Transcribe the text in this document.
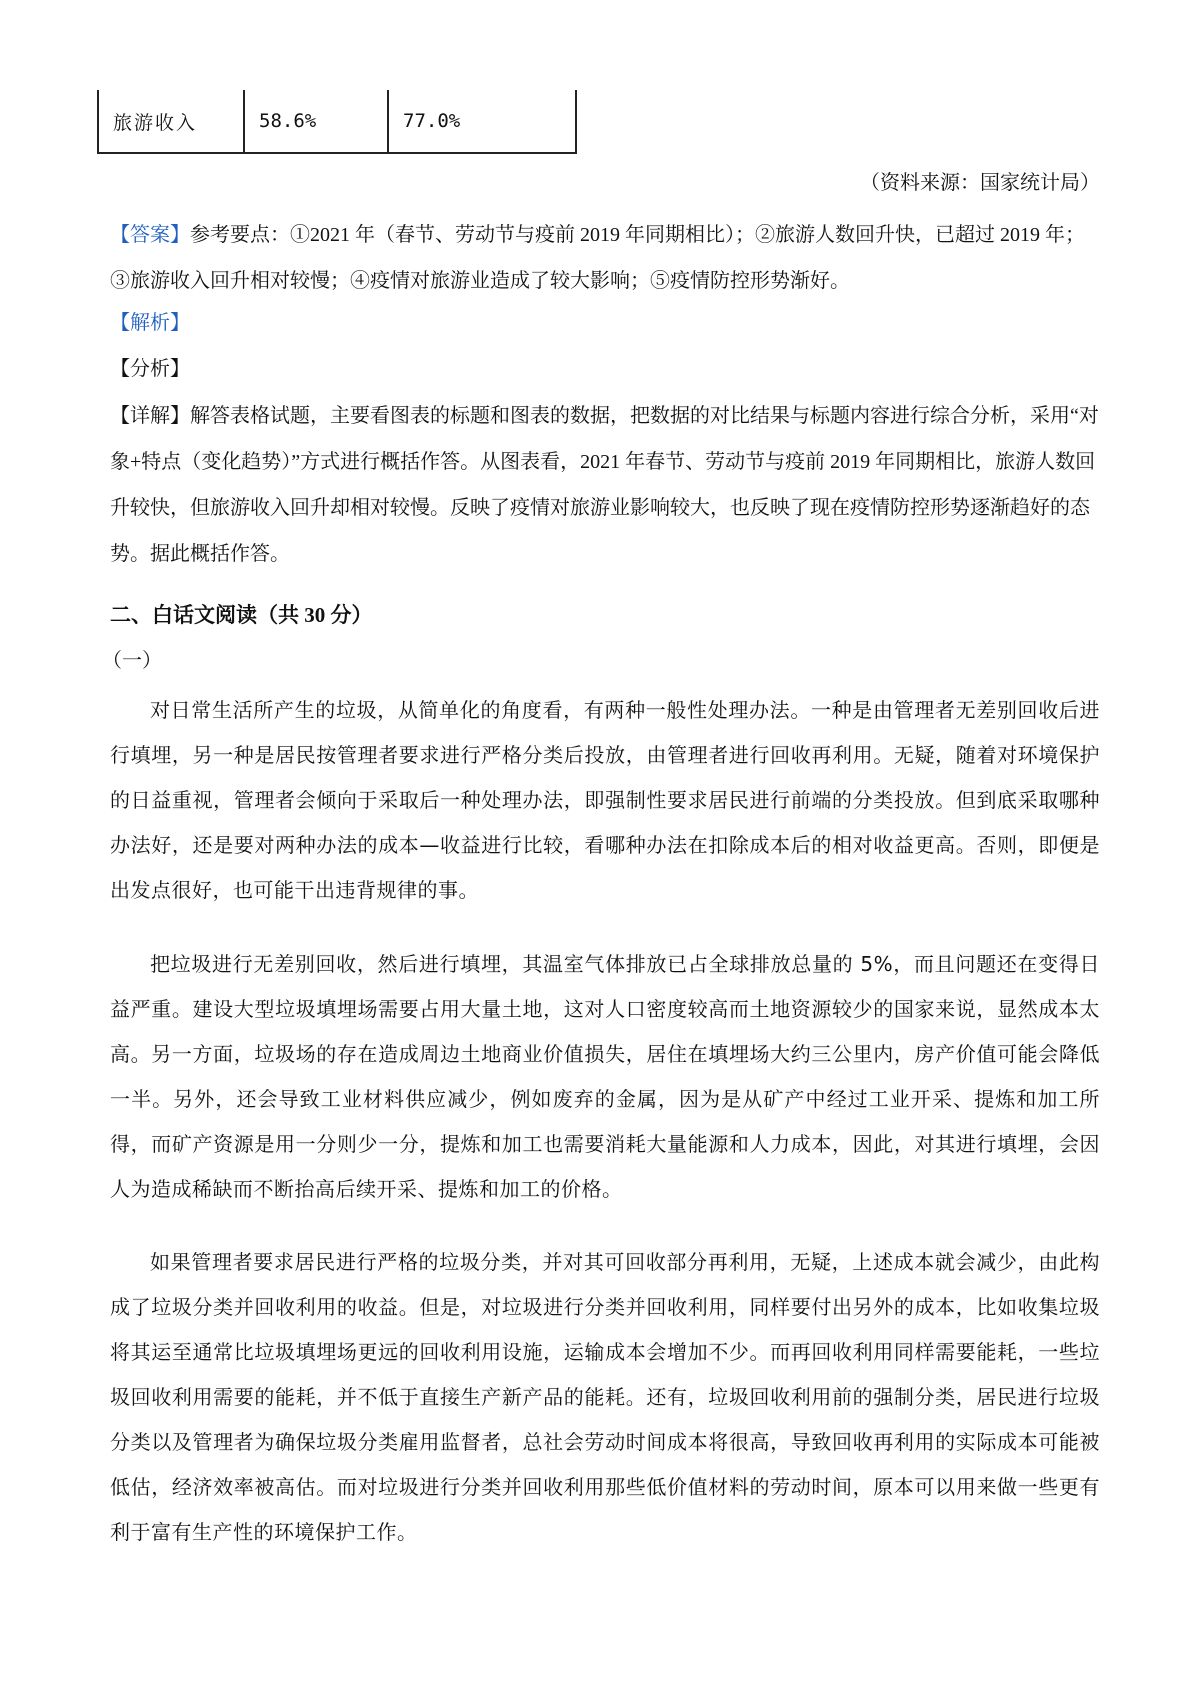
旅游收入	58.6%	77.0%
（资料来源：国家统计局）
【答案】参考要点：①2021 年（春节、劳动节与疫前 2019 年同期相比）；②旅游人数回升快，已超过 2019 年；③旅游收入回升相对较慢；④疫情对旅游业造成了较大影响；⑤疫情防控形势渐好。
【解析】
【分析】
【详解】解答表格试题，主要看图表的标题和图表的数据，把数据的对比结果与标题内容进行综合分析，采用“对象+特点（变化趋势）”方式进行概括作答。从图表看，2021 年春节、劳动节与疫前 2019 年同期相比，旅游人数回升较快，但旅游收入回升却相对较慢。反映了疫情对旅游业影响较大，也反映了现在疫情防控形势逐渐趋好的态势。据此概括作答。
二、白话文阅读（共 30 分）
（一）
对日常生活所产生的垃圾，从简单化的角度看，有两种一般性处理办法。一种是由管理者无差别回收后进行填埋，另一种是居民按管理者要求进行严格分类后投放，由管理者进行回收再利用。无疑，随着对环境保护的日益重视，管理者会倾向于采取后一种处理办法，即强制性要求居民进行前端的分类投放。但到底采取哪种办法好，还是要对两种办法的成本—收益进行比较，看哪种办法在扣除成本后的相对收益更高。否则，即便是出发点很好，也可能干出违背规律的事。
把垃圾进行无差别回收，然后进行填埋，其温室气体排放已占全球排放总量的 5%，而且问题还在变得日益严重。建设大型垃圾填埋场需要占用大量土地，这对人口密度较高而土地资源较少的国家来说，显然成本太高。另一方面，垃圾场的存在造成周边土地商业价值损失，居住在填埋场大约三公里内，房产价值可能会降低一半。另外，还会导致工业材料供应减少，例如废弃的金属，因为是从矿产中经过工业开采、提炼和加工所得，而矿产资源是用一分则少一分，提炼和加工也需要消耗大量能源和人力成本，因此，对其进行填埋，会因人为造成稀缺而不断抬高后续开采、提炼和加工的价格。
如果管理者要求居民进行严格的垃圾分类，并对其可回收部分再利用，无疑，上述成本就会减少，由此构成了垃圾分类并回收利用的收益。但是，对垃圾进行分类并回收利用，同样要付出另外的成本，比如收集垃圾将其运至通常比垃圾填埋场更远的回收利用设施，运输成本会增加不少。而再回收利用同样需要能耗，一些垃圾回收利用需要的能耗，并不低于直接生产新产品的能耗。还有，垃圾回收利用前的强制分类，居民进行垃圾分类以及管理者为确保垃圾分类雇用监督者，总社会劳动时间成本将很高，导致回收再利用的实际成本可能被低估，经济效率被高估。而对垃圾进行分类并回收利用那些低价值材料的劳动时间，原本可以用来做一些更有利于富有生产性的环境保护工作。
